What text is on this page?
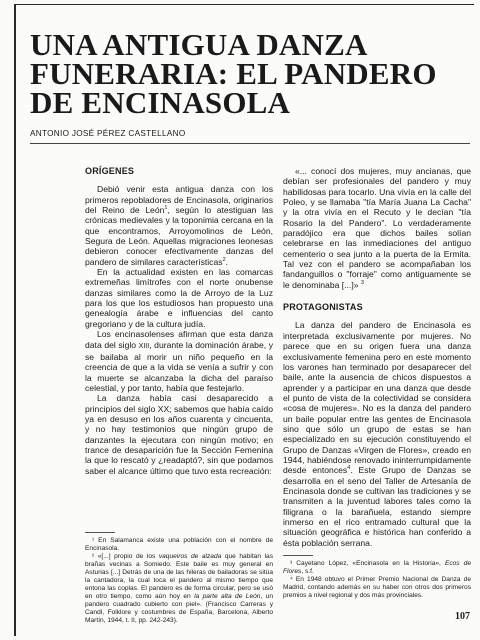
UNA ANTIGUA DANZA
FUNERARIA: EL PANDERO
DE ENCINASOLA
ANTONIO JOSÉ PÉREZ CASTELLANO
ORÍGENES

Debió venir esta antigua danza con los primeros repobladores de Encinasola, originarios del Reino de León$^1$, según lo atestiguan las crónicas medievales y la toponimia cercana en la que encontramos, Arroyomolinos de León, Segura de León. Aquellas migraciones leonesas debieron conocer efectivamente danzas del pandero de similares características$^2$.

En la actualidad existen en las comarcas extremeñas limítrofes con el norte onubense danzas similares como la de Arroyo de la Luz para los que los estudiosos han propuesto una genealogía árabe e influencias del canto gregoriano y de la cultura judía.

Los encinasolenses afirman que esta danza data del siglo XIII, durante la dominación árabe, y se bailaba al morir un niño pequeño en la creencia de que a la vida se venía a sufrir y con la muerte se alcanzaba la dicha del paraíso celestial, y por tanto, había que festejarlo.

La danza había casi desaparecido a principios del siglo XX; sabemos que había caído ya en desuso en los años cuarenta y cincuenta, y no hay testimonios que ningún grupo de danzantes la ejecutara con ningún motivo; en trance de desaparición fue la Sección Femenina la que lo rescató y ¿readaptó?, sin que podamos saber el alcance último que tuvo esta recreación:

«... conocí dos mujeres, muy ancianas, que debían ser profesionales del pandero y muy habilidosas para tocarlo. Una vivía en la calle del Poleo, y se llamaba "tía María Juana La Cacha" y la otra vivía en el Recuto y le decían "tía Rosario la del Pandero". Lo verdaderamente paradójico era que dichos bailes solían celebrarse en las inmediaciones del antiguo cementerio o sea junto a la puerta de la Ermita. Tal vez con el pandero se acompañaban los fandanguillos o "forraje" como antiguamente se le denominaba [...]» $^3$

PROTAGONISTAS

La danza del pandero de Encinasola es interpretada exclusivamente por mujeres. No parece que en su origen fuera una danza exclusivamente femenina pero en este momento los varones han terminado por desaparecer del baile, ante la ausencia de chicos dispuestos a aprender y a participar en una danza que desde el punto de vista de la colectividad se considera «cosa de mujeres». No es la danza del pandero un baile popular entre las gentes de Encinasola sino que sólo un grupo de estas se han especializado en su ejecución constituyendo el Grupo de Danzas «Virgen de Flores», creado en 1944, habiéndose renovado ininterrumpidamente desde entonces$^4$. Este Grupo de Danzas se desarrolla en el seno del Taller de Artesanía de Encinasola donde se cultivan las tradiciones y se transmiten a la juventud labores tales como la filigrana o la barañuela, estando siempre inmerso en el rico entramado cultural que la situación geográfica e histórica han conferido a ésta población serrana.

¹ En Salamanca existe una población con el nombre de Encinasola.

² «[...] propio de los vaqueiros de alzada que habitan las brañas vecinas a Somiedo. Este baile es muy general en Asturias [...] Detrás de una de las hileras de bailadoras se sitúa la cantadora, la cual toca el pandero al mismo tiempo que entona las coplas. El pandero es de forma circular, pero se usó en otro tiempo, como aún hoy en la parte alta de León, un pandero cuadrado cubierto con piel». (Francisco Carreras y Candi, Folklore y costumbres de España, Barcelona, Alberto Martín, 1944, t. II, pp. 242-243).

³ Cayetano López, «Encinasola en la Historia», Ecos de Flores, s.f.

⁴ En 1948 obtuvo el Primer Premio Nacional de Danza de Madrid, contando además en su haber con otros dos primeros premios a nivel regional y dos más provinciales.

107
